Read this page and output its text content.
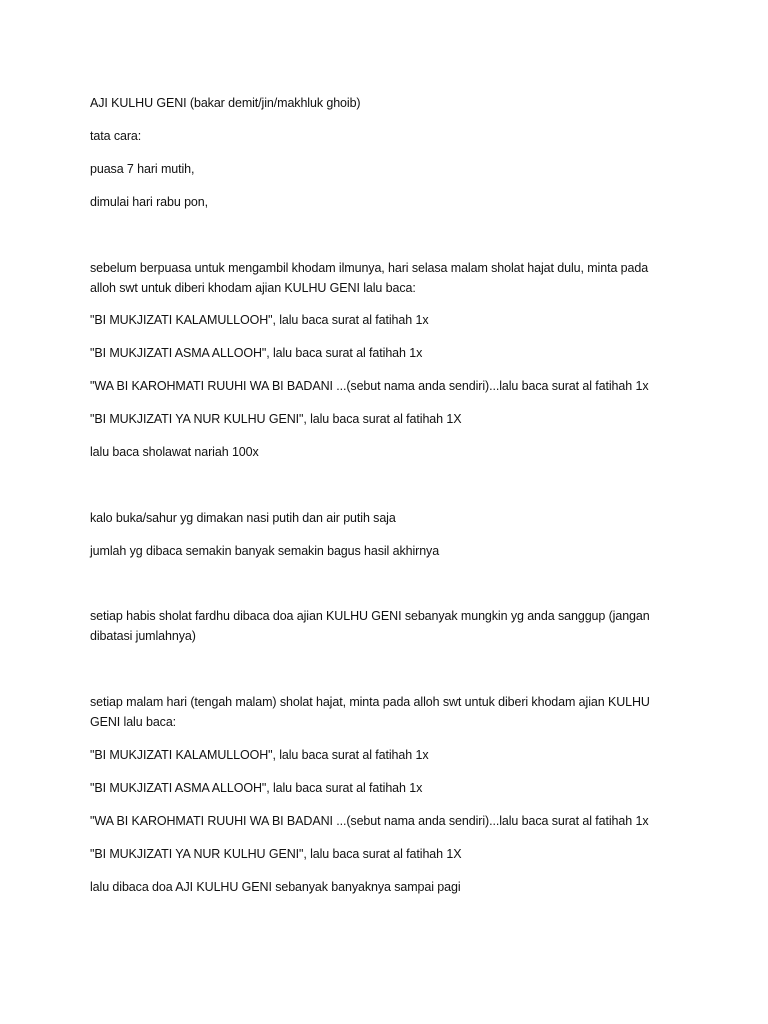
AJI KULHU GENI (bakar demit/jin/makhluk ghoib)
tata cara:
puasa 7 hari mutih,
dimulai hari rabu pon,
sebelum berpuasa untuk mengambil khodam ilmunya, hari selasa malam sholat hajat dulu, minta pada alloh swt untuk diberi khodam ajian KULHU GENI lalu baca:
"BI MUKJIZATI KALAMULLOOH", lalu baca surat al fatihah 1x
"BI MUKJIZATI ASMA ALLOOH", lalu baca surat al fatihah 1x
"WA BI KAROHMATI RUUHI WA BI BADANI ...(sebut nama anda sendiri)...lalu baca surat al fatihah 1x
"BI MUKJIZATI YA NUR KULHU GENI", lalu baca surat al fatihah 1X
lalu baca sholawat nariah 100x
kalo buka/sahur yg dimakan nasi putih dan air putih saja
jumlah yg dibaca semakin banyak semakin bagus hasil akhirnya
setiap habis sholat fardhu dibaca doa ajian KULHU GENI sebanyak mungkin yg anda sanggup (jangan dibatasi jumlahnya)
setiap malam hari (tengah malam) sholat hajat, minta pada alloh swt untuk diberi khodam ajian KULHU GENI lalu baca:
"BI MUKJIZATI KALAMULLOOH", lalu baca surat al fatihah 1x
"BI MUKJIZATI ASMA ALLOOH", lalu baca surat al fatihah 1x
"WA BI KAROHMATI RUUHI WA BI BADANI ...(sebut nama anda sendiri)...lalu baca surat al fatihah 1x
"BI MUKJIZATI YA NUR KULHU GENI", lalu baca surat al fatihah 1X
lalu dibaca doa AJI KULHU GENI sebanyak banyaknya sampai pagi
